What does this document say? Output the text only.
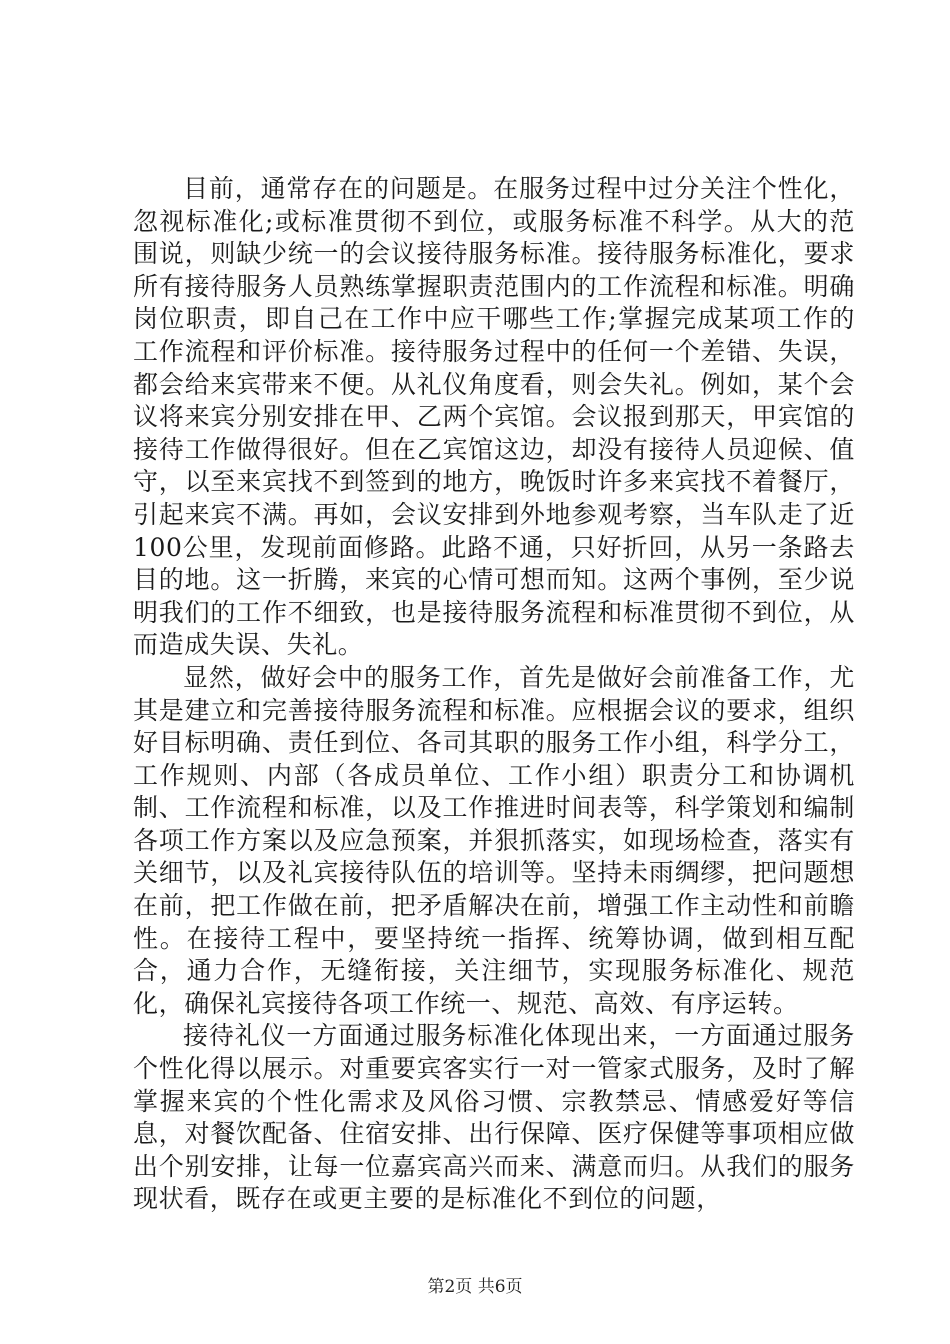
目前，通常存在的问题是。在服务过程中过分关注个性化，忽视标准化;或标准贯彻不到位，或服务标准不科学。从大的范围说，则缺少统一的会议接待服务标准。接待服务标准化，要求所有接待服务人员熟练掌握职责范围内的工作流程和标准。明确岗位职责，即自己在工作中应干哪些工作;掌握完成某项工作的工作流程和评价标准。接待服务过程中的任何一个差错、失误，都会给来宾带来不便。从礼仪角度看，则会失礼。例如，某个会议将来宾分别安排在甲、乙两个宾馆。会议报到那天，甲宾馆的接待工作做得很好。但在乙宾馆这边，却没有接待人员迎候、值守，以至来宾找不到签到的地方，晚饭时许多来宾找不着餐厅，引起来宾不满。再如，会议安排到外地参观考察，当车队走了近100公里，发现前面修路。此路不通，只好折回，从另一条路去目的地。这一折腾，来宾的心情可想而知。这两个事例，至少说明我们的工作不细致，也是接待服务流程和标准贯彻不到位，从而造成失误、失礼。

显然，做好会中的服务工作，首先是做好会前准备工作，尤其是建立和完善接待服务流程和标准。应根据会议的要求，组织好目标明确、责任到位、各司其职的服务工作小组，科学分工，工作规则、内部（各成员单位、工作小组）职责分工和协调机制、工作流程和标准，以及工作推进时间表等，科学策划和编制各项工作方案以及应急预案，并狠抓落实，如现场检查，落实有关细节，以及礼宾接待队伍的培训等。坚持未雨绸缪，把问题想在前，把工作做在前，把矛盾解决在前，增强工作主动性和前瞻性。在接待工程中，要坚持统一指挥、统筹协调，做到相互配合，通力合作，无缝衔接，关注细节，实现服务标准化、规范化，确保礼宾接待各项工作统一、规范、高效、有序运转。

接待礼仪一方面通过服务标准化体现出来，一方面通过服务个性化得以展示。对重要宾客实行一对一管家式服务，及时了解掌握来宾的个性化需求及风俗习惯、宗教禁忌、情感爱好等信息，对餐饮配备、住宿安排、出行保障、医疗保健等事项相应做出个别安排，让每一位嘉宾高兴而来、满意而归。从我们的服务现状看，既存在或更主要的是标准化不到位的问题，

第2页 共6页
